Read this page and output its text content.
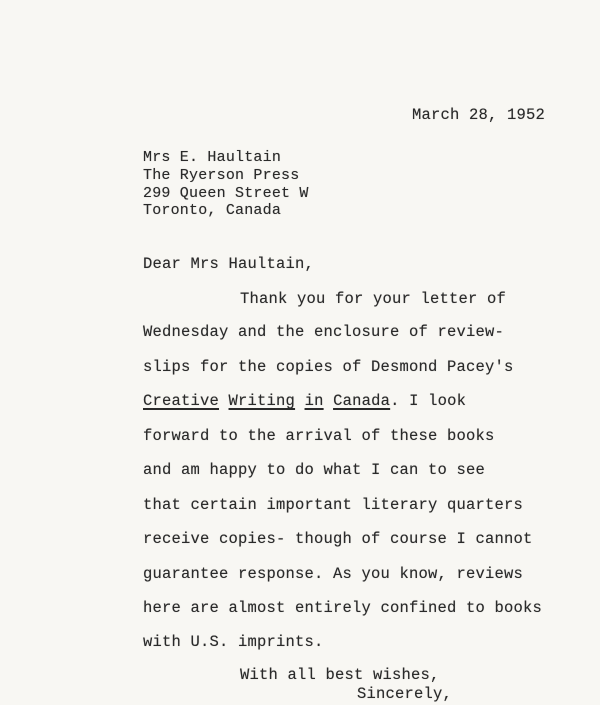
March 28, 1952
Mrs E. Haultain
The Ryerson Press
299 Queen Street W
Toronto, Canada
Dear Mrs Haultain,
Thank you for your letter of
Wednesday and the enclosure of review-
slips for the copies of Desmond Pacey's
Creative Writing in Canada. I look
forward to the arrival of these books
and am happy to do what I can to see
that certain important literary quarters
receive copies- though of course I cannot
guarantee response. As you know, reviews
here are almost entirely confined to books
with U.S. imprints.
With all best wishes,
Sincerely,
